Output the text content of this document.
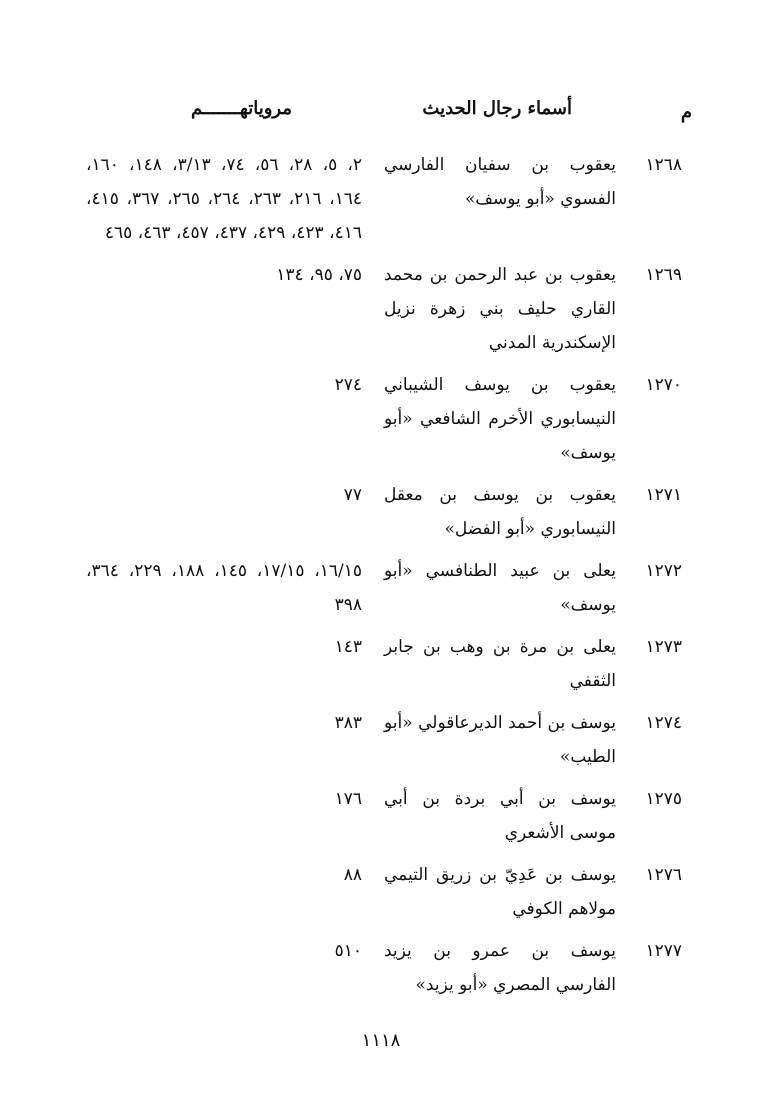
م
أسماء رجال الحديث
مروياتهـــــــم
١٢٦٨
يعقوب بن سفيان الفارسي الفسوي «أبو يوسف»
٢، ٥، ٢٨، ٥٦، ٧٤، ٣/١٣، ١٤٨، ١٦٠، ١٦٤، ٢١٦، ٢٦٣، ٢٦٤، ٢٦٥، ٣٦٧، ٤١٥، ٤١٦، ٤٢٣، ٤٢٩، ٤٣٧، ٤٥٧، ٤٦٣، ٤٦٥
١٢٦٩
يعقوب بن عبد الرحمن بن محمد القاري حليف بني زهرة نزيل الإسكندرية المدني
٧٥، ٩٥، ١٣٤
١٢٧٠
يعقوب بن يوسف الشيباني النيسابوري الأخرم الشافعي «أبو يوسف»
٢٧٤
١٢٧١
يعقوب بن يوسف بن معقل النيسابوري «أبو الفضل»
٧٧
١٢٧٢
يعلى بن عبيد الطنافسي «أبو يوسف»
١٦/١٥، ١٧/١٥، ١٤٥، ١٨٨، ٢٢٩، ٣٦٤، ٣٩٨
١٢٧٣
يعلى بن مرة بن وهب بن جابر الثقفي
١٤٣
١٢٧٤
يوسف بن أحمد الديرعاقولي «أبو الطيب»
٣٨٣
١٢٧٥
يوسف بن أبي بردة بن أبي موسى الأشعري
١٧٦
١٢٧٦
يوسف بن عَدِيّ بن زريق التيمي مولاهم الكوفي
٨٨
١٢٧٧
يوسف بن عمرو بن يزيد الفارسي المصري «أبو يزيد»
٥١٠
١١١٨
